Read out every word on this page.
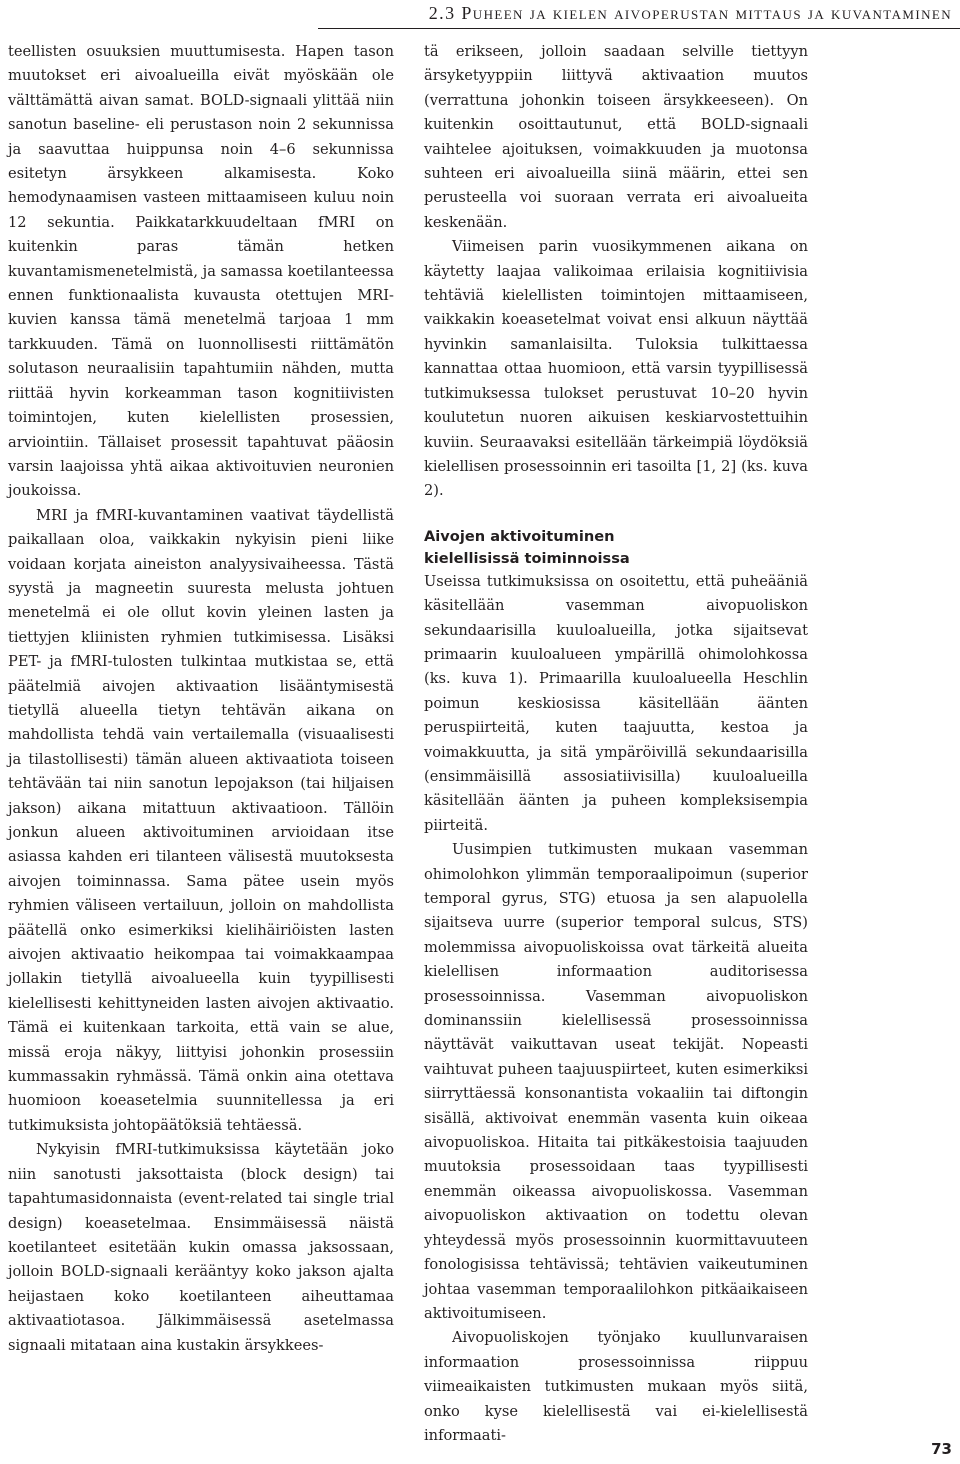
2.3 Puheen ja kielen aivoperustan mittaus ja kuvantaminen

teellisten osuuksien muuttumisesta. Hapen tason muutokset eri aivoalueilla eivät myöskään ole välttämättä aivan samat. BOLD-signaali ylittää niin sanotun baseline- eli perustason noin 2 sekunnissa ja saavuttaa huippunsa noin 4–6 sekunnissa esitetyn ärsykkeen alkamisesta. Koko hemodynaamisen vasteen mittaamiseen kuluu noin 12 sekuntia. Paikkatarkkuudeltaan fMRI on kuitenkin paras tämän hetken kuvantamismenetelmistä, ja samassa koetilanteessa ennen funktionaalista kuvausta otettujen MRI-kuvien kanssa tämä menetelmä tarjoaa 1 mm tarkkuuden. Tämä on luonnollisesti riittämätön solutason neuraalisiin tapahtumiin nähden, mutta riittää hyvin korkeamman tason kognitiivisten toimintojen, kuten kielellisten prosessien, arviointiin. Tällaiset prosessit tapahtuvat pääosin varsin laajoissa yhtä aikaa aktivoituvien neuronien joukoissa.

MRI ja fMRI-kuvantaminen vaativat täydellistä paikallaan oloa, vaikkakin nykyisin pieni liike voidaan korjata aineiston analyysivaiheessa. Tästä syystä ja magneetin suuresta melusta johtuen menetelmä ei ole ollut kovin yleinen lasten ja tiettyjen kliinisten ryhmien tutkimisessa. Lisäksi PET- ja fMRI-tulosten tulkintaa mutkistaa se, että päätelmiä aivojen aktivaation lisääntymisestä tietyllä alueella tietyn tehtävän aikana on mahdollista tehdä vain vertailemalla (visuaalisesti ja tilastollisesti) tämän alueen aktivaatiota toiseen tehtävään tai niin sanotun lepojakson (tai hiljaisen jakson) aikana mitattuun aktivaatioon. Tällöin jonkun alueen aktivoituminen arvioidaan itse asiassa kahden eri tilanteen välisestä muutoksesta aivojen toiminnassa. Sama pätee usein myös ryhmien väliseen vertailuun, jolloin on mahdollista päätellä onko esimerkiksi kielihäiriöisten lasten aivojen aktivaatio heikompaa tai voimakkaampaa jollakin tietyllä aivoalueella kuin tyypillisesti kielellisesti kehittyneiden lasten aivojen aktivaatio. Tämä ei kuitenkaan tarkoita, että vain se alue, missä eroja näkyy, liittyisi johonkin prosessiin kummassakin ryhmässä. Tämä onkin aina otettava huomioon koeasetelmia suunnitellessa ja eri tutkimuksista johtopäätöksiä tehtäessä.

Nykyisin fMRI-tutkimuksissa käytetään joko niin sanotusti jaksottaista (block design) tai tapahtumasidonnaista (event-related tai single trial design) koeasetelmaa. Ensimmäisessä näistä koetilanteet esitetään kukin omassa jaksossaan, jolloin BOLD-signaali kerääntyy koko jakson ajalta heijastaen koko koetilanteen aiheuttamaa aktivaatiotasoa. Jälkimmäisessä asetelmassa signaali mitataan aina kustakin ärsykkees-

tä erikseen, jolloin saadaan selville tiettyyn ärsyketyyppiin liittyvä aktivaation muutos (verrattuna johonkin toiseen ärsykkeeseen). On kuitenkin osoittautunut, että BOLD-signaali vaihtelee ajoituksen, voimakkuuden ja muotonsa suhteen eri aivoalueilla siinä määrin, ettei sen perusteella voi suoraan verrata eri aivoalueita keskenään.

Viimeisen parin vuosikymmenen aikana on käytetty laajaa valikoimaa erilaisia kognitiivisia tehtäviä kielellisten toimintojen mittaamiseen, vaikkakin koeasetelmat voivat ensi alkuun näyttää hyvinkin samanlaisilta. Tuloksia tulkittaessa kannattaa ottaa huomioon, että varsin tyypillisessä tutkimuksessa tulokset perustuvat 10–20 hyvin koulutetun nuoren aikuisen keskiarvostettuihin kuviin. Seuraavaksi esitellään tärkeimpiä löydöksiä kielellisen prosessoinnin eri tasoilta [1, 2] (ks. kuva 2).

Aivojen aktivoituminen
kielellisissä toiminnoissa

Useissa tutkimuksissa on osoitettu, että puheääniä käsitellään vasemman aivopuoliskon sekundaarisilla kuuloalueilla, jotka sijaitsevat primaarin kuuloalueen ympärillä ohimolohkossa (ks. kuva 1). Primaarilla kuuloalueella Heschlin poimun keskiosissa käsitellään äänten peruspiirteitä, kuten taajuutta, kestoa ja voimakkuutta, ja sitä ympäröivillä sekundaarisilla (ensimmäisillä assosiatiivisilla) kuuloalueilla käsitellään äänten ja puheen kompleksisempia piirteitä.

Uusimpien tutkimusten mukaan vasemman ohimolohkon ylimmän temporaalipoimun (superior temporal gyrus, STG) etuosa ja sen alapuolella sijaitseva uurre (superior temporal sulcus, STS) molemmissa aivopuoliskoissa ovat tärkeitä alueita kielellisen informaation auditorisessa prosessoinnissa. Vasemman aivopuoliskon dominanssiin kielellisessä prosessoinnissa näyttävät vaikuttavan useat tekijät. Nopeasti vaihtuvat puheen taajuuspiirteet, kuten esimerkiksi siirryttäessä konsonantista vokaaliin tai diftongin sisällä, aktivoivat enemmän vasenta kuin oikeaa aivopuoliskoa. Hitaita tai pitkäkestoisia taajuuden muutoksia prosessoidaan taas tyypillisesti enemmän oikeassa aivopuoliskossa. Vasemman aivopuoliskon aktivaation on todettu olevan yhteydessä myös prosessoinnin kuormittavuuteen fonologisissa tehtävissä; tehtävien vaikeutuminen johtaa vasemman temporaalilohkon pitkäaikaiseen aktivoitumiseen.

Aivopuoliskojen työnjako kuullunvaraisen informaation prosessoinnissa riippuu viimeaikaisten tutkimusten mukaan myös siitä, onko kyse kielellisestä vai ei-kielellisestä informaati-

73
